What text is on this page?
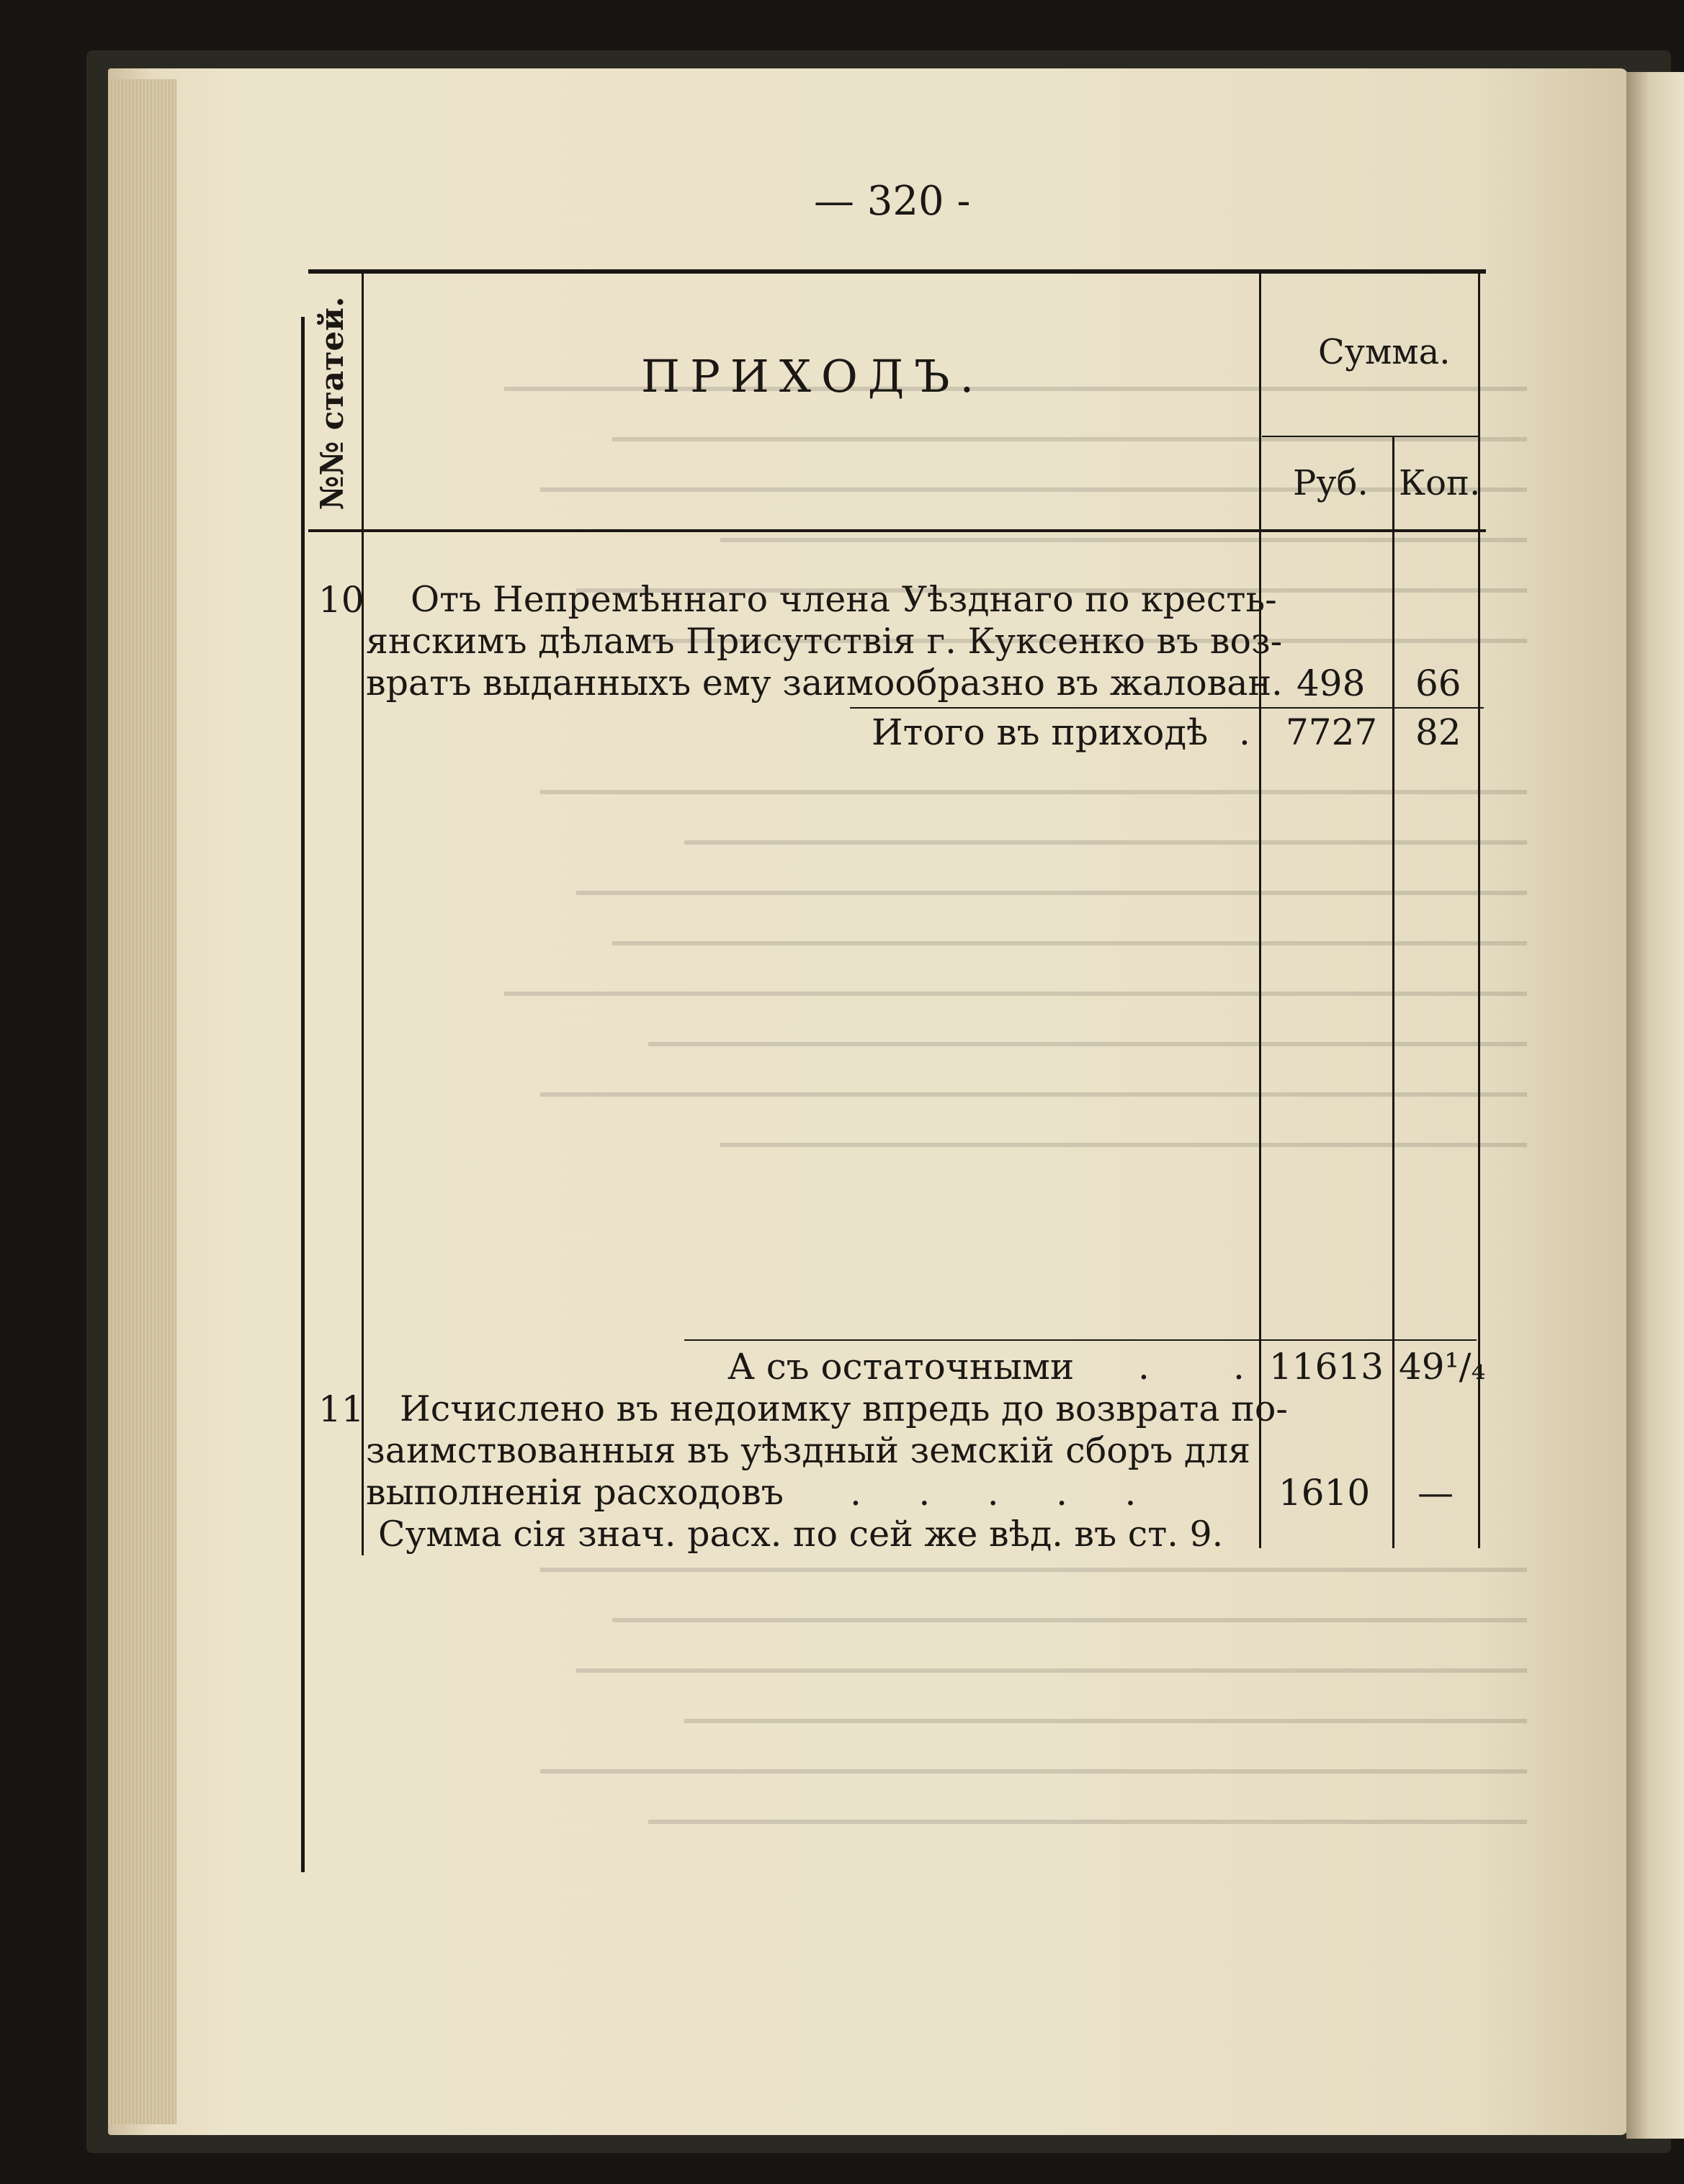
— 320 -
№№ статей.	ПРИХОДЪ.	Сумма.
Руб. Коп.
10 Отъ Непремѣннаго члена Уѣзднаго по кресть-
янскимъ дѣламъ Присутствія г. Куксенко въ воз-
вратъ выданныхъ ему заимообразно въ жалован. 498 66
Итого въ приходѣ . 7727 82
А съ остаточными . . 11613 49¹/₄
11 Исчислено въ недоимку впредь до возврата по-
заимствованныя въ уѣздный земскій сборъ для
выполненія расходовъ .     .     .     .     .	1610 —
Сумма сія знач. расх. по сей же вѣд. въ ст. 9.
